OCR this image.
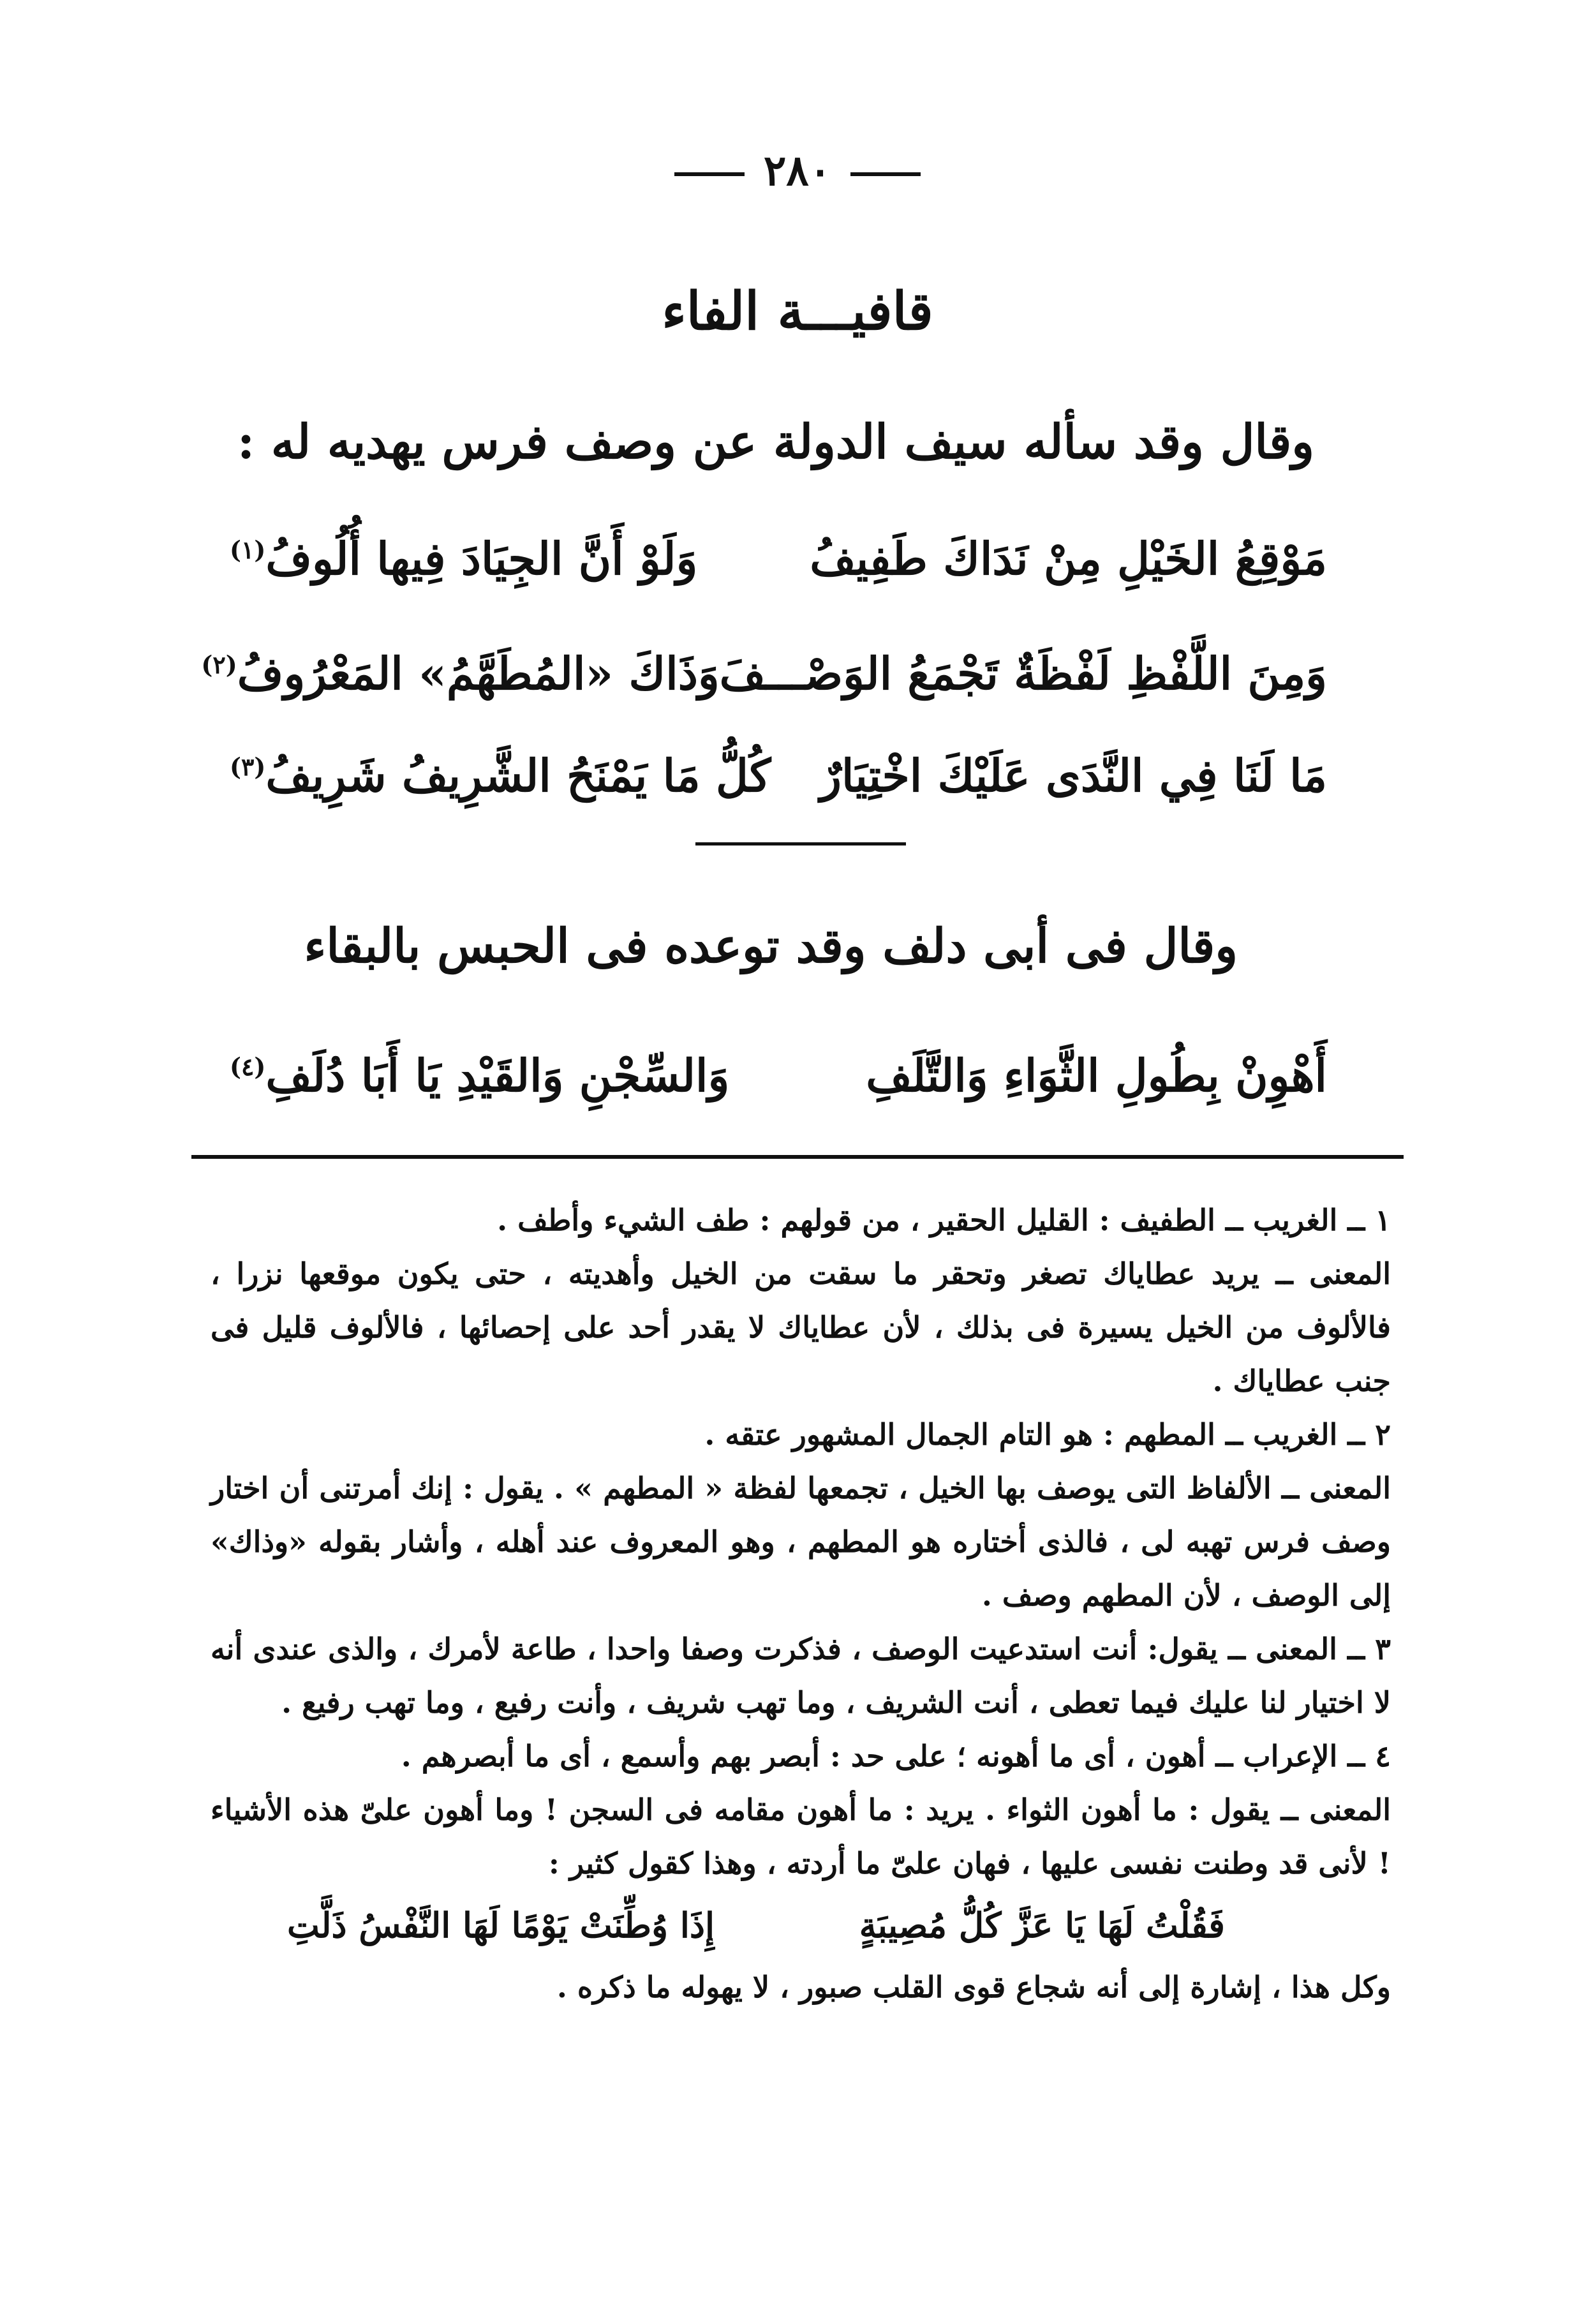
٢٨٠
قافيـــة الفاء
وقال وقد سأله سيف الدولة عن وصف فرس يهديه له :
مَوْقِعُ الخَيْلِ مِنْ نَدَاكَ طَفِيفُ
وَلَوْ أَنَّ الجِيَادَ فِيها أُلُوفُ$^{(١)}$
وَمِنَ اللَّفْظِ لَفْظَةٌ تَجْمَعُ الوَصْـــفَ
وَذَاكَ «المُطَهَّمُ» المَعْرُوفُ$^{(٢)}$
مَا لَنَا فِي النَّدَى عَلَيْكَ اخْتِيَارٌ
كُلُّ مَا يَمْنَحُ الشَّرِيفُ شَرِيفُ$^{(٣)}$
وقال فى أبى دلف وقد توعده فى الحبس بالبقاء
أَهْوِنْ بِطُولِ الثَّوَاءِ وَالتَّلَفِ
وَالسِّجْنِ وَالقَيْدِ يَا أَبَا دُلَفِ$^{(٤)}$

١ ــ الغريب ــ الطفيف : القليل الحقير ، من قولهم : طف الشيء وأطف .

المعنى ــ يريد عطاياك تصغر وتحقر ما سقت من الخيل وأهديته ، حتى يكون موقعها نزرا ، فالألوف من الخيل يسيرة فى بذلك ، لأن عطاياك لا يقدر أحد على إحصائها ، فالألوف قليل فى جنب عطاياك .

٢ ــ الغريب ــ المطهم : هو التام الجمال المشهور عتقه .

المعنى ــ الألفاظ التى يوصف بها الخيل ، تجمعها لفظة « المطهم » . يقول : إنك أمرتنى أن اختار وصف فرس تهبه لى ، فالذى أختاره هو المطهم ، وهو المعروف عند أهله ، وأشار بقوله «وذاك» إلى الوصف ، لأن المطهم وصف .

٣ ــ المعنى ــ يقول: أنت استدعيت الوصف ، فذكرت وصفا واحدا ، طاعة لأمرك ، والذى عندى أنه لا اختيار لنا عليك فيما تعطى ، أنت الشريف ، وما تهب شريف ، وأنت رفيع ، وما تهب رفيع .

٤ ــ الإعراب ــ أهون ، أى ما أهونه ؛ على حد : أبصر بهم وأسمع ، أى ما أبصرهم .

المعنى ــ يقول : ما أهون الثواء . يريد : ما أهون مقامه فى السجن ! وما أهون علىّ هذه الأشياء ! لأنى قد وطنت نفسى عليها ، فهان علىّ ما أردته ، وهذا كقول كثير :

فَقُلْتُ لَهَا يَا عَزَّ كُلُّ مُصِيبَةٍ
إِذَا وُطِّنَتْ يَوْمًا لَهَا النَّفْسُ ذَلَّتِ

وكل هذا ، إشارة إلى أنه شجاع قوى القلب صبور ، لا يهوله ما ذكره .
